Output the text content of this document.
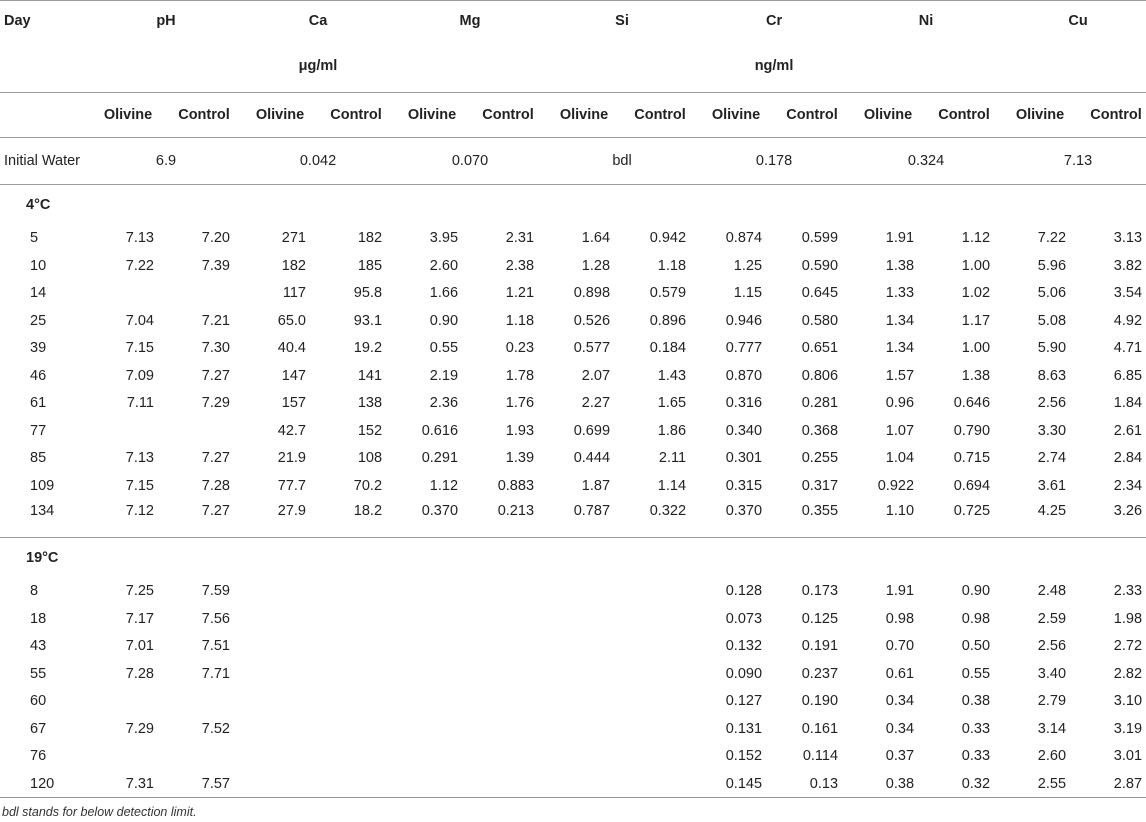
Day	pH		Ca		Mg		Si		Cr		Ni		Cu	
			μg/ml						ng/ml					
	Olivine	Control	Olivine	Control	Olivine	Control	Olivine	Control	Olivine	Control	Olivine	Control	Olivine	Control
Initial Water	6.9		0.042		0.070		bdl		0.178		0.324		7.13	
4°C														
5	7.13	7.20	271	182	3.95	2.31	1.64	0.942	0.874	0.599	1.91	1.12	7.22	3.13
10	7.22	7.39	182	185	2.60	2.38	1.28	1.18	1.25	0.590	1.38	1.00	5.96	3.82
14			117	95.8	1.66	1.21	0.898	0.579	1.15	0.645	1.33	1.02	5.06	3.54
25	7.04	7.21	65.0	93.1	0.90	1.18	0.526	0.896	0.946	0.580	1.34	1.17	5.08	4.92
39	7.15	7.30	40.4	19.2	0.55	0.23	0.577	0.184	0.777	0.651	1.34	1.00	5.90	4.71
46	7.09	7.27	147	141	2.19	1.78	2.07	1.43	0.870	0.806	1.57	1.38	8.63	6.85
61	7.11	7.29	157	138	2.36	1.76	2.27	1.65	0.316	0.281	0.96	0.646	2.56	1.84
77			42.7	152	0.616	1.93	0.699	1.86	0.340	0.368	1.07	0.790	3.30	2.61
85	7.13	7.27	21.9	108	0.291	1.39	0.444	2.11	0.301	0.255	1.04	0.715	2.74	2.84
109	7.15	7.28	77.7	70.2	1.12	0.883	1.87	1.14	0.315	0.317	0.922	0.694	3.61	2.34
134	7.12	7.27	27.9	18.2	0.370	0.213	0.787	0.322	0.370	0.355	1.10	0.725	4.25	3.26
19°C														
8	7.25	7.59							0.128	0.173	1.91	0.90	2.48	2.33
18	7.17	7.56							0.073	0.125	0.98	0.98	2.59	1.98
43	7.01	7.51							0.132	0.191	0.70	0.50	2.56	2.72
55	7.28	7.71							0.090	0.237	0.61	0.55	3.40	2.82
60									0.127	0.190	0.34	0.38	2.79	3.10
67	7.29	7.52							0.131	0.161	0.34	0.33	3.14	3.19
76									0.152	0.114	0.37	0.33	2.60	3.01
120	7.31	7.57							0.145	0.13	0.38	0.32	2.55	2.87
bdl stands for below detection limit.
